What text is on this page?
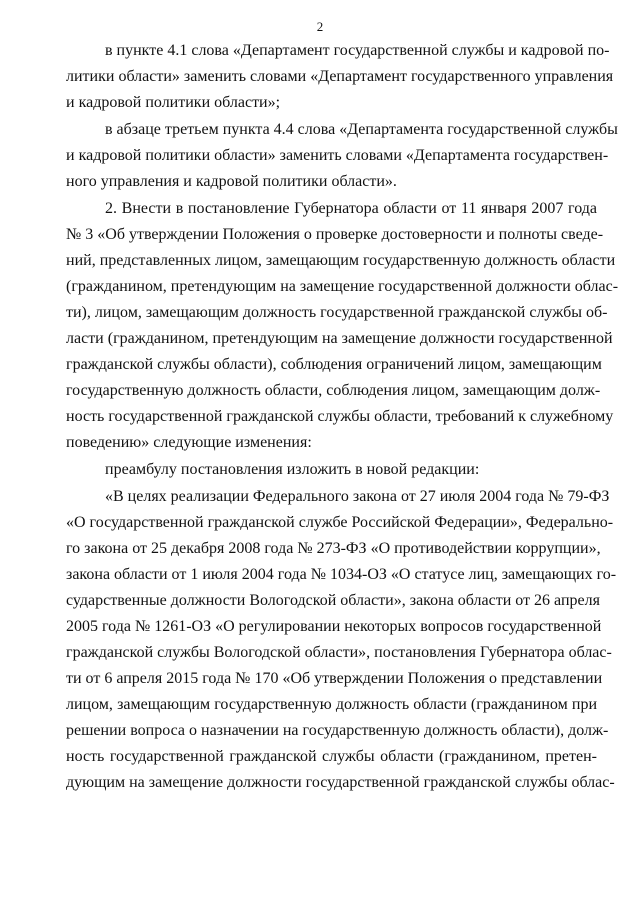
2
в пункте 4.1 слова «Департамент государственной службы и кадровой по-
литики области» заменить словами «Департамент государственного управления
и кадровой политики области»;
в абзаце третьем пункта 4.4 слова «Департамента государственной службы
и кадровой политики области» заменить словами «Департамента государствен-
ного управления и кадровой политики области».
2. Внести в постановление Губернатора области от 11 января 2007 года
№ 3 «Об утверждении Положения о проверке достоверности и полноты сведе-
ний, представленных лицом, замещающим государственную должность области
(гражданином, претендующим на замещение государственной должности облас-
ти), лицом, замещающим должность государственной гражданской службы об-
ласти (гражданином, претендующим на замещение должности государственной
гражданской службы области), соблюдения ограничений лицом, замещающим
государственную должность области, соблюдения лицом, замещающим долж-
ность государственной гражданской службы области, требований к служебному
поведению» следующие изменения:
преамбулу постановления изложить в новой редакции:
«В целях реализации Федерального закона от 27 июля 2004 года № 79-ФЗ
«О государственной гражданской службе Российской Федерации», Федерально-
го закона от 25 декабря 2008 года № 273-ФЗ «О противодействии коррупции»,
закона области от 1 июля 2004 года № 1034-ОЗ «О статусе лиц, замещающих го-
сударственные должности Вологодской области», закона области от 26 апреля
2005 года № 1261-ОЗ «О регулировании некоторых вопросов государственной
гражданской службы Вологодской области», постановления Губернатора облас-
ти от 6 апреля 2015 года № 170 «Об утверждении Положения о представлении
лицом, замещающим государственную должность области (гражданином при
решении вопроса о назначении на государственную должность области), долж-
ность государственной гражданской службы области (гражданином, претен-
дующим на замещение должности государственной гражданской службы облас-
